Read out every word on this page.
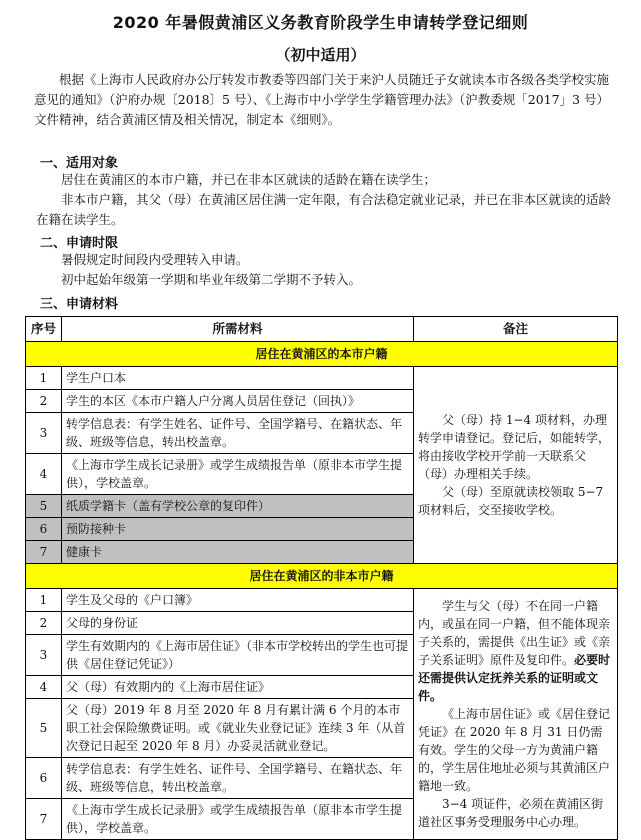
2020 年暑假黄浦区义务教育阶段学生申请转学登记细则
（初中适用）
根据《上海市人民政府办公厅转发市教委等四部门关于来沪人员随迁子女就读本市各级各类学校实施意见的通知》（沪府办规〔2018〕5 号）、《上海市中小学学生学籍管理办法》（沪教委规「2017」3 号）文件精神，结合黄浦区情及相关情况，制定本《细则》。
一、适用对象
居住在黄浦区的本市户籍，并已在非本区就读的适龄在籍在读学生；
非本市户籍，其父（母）在黄浦区居住满一定年限，有合法稳定就业记录，并已在非本区就读的适龄在籍在读学生。
二、申请时限
暑假规定时间段内受理转入申请。
初中起始年级第一学期和毕业年级第二学期不予转入。
三、申请材料
序号	所需材料	备注
居住在黄浦区的本市户籍		
1	学生户口本	父（母）持 1−4 项材料，办理转学申请登记。登记后，如能转学，将由接收学校开学前一天联系父（母）办理相关手续。

父（母）至原就读校领取 5−7 项材料后，交至接收学校。

2	学生的本区《本市户籍人户分离人员居住登记（回执）》	
3	转学信息表：有学生姓名、证件号、全国学籍号、在籍状态、年级、班级等信息，转出校盖章。	
4	《上海市学生成长记录册》或学生成绩报告单（原非本市学生提供），学校盖章。	
5	纸质学籍卡（盖有学校公章的复印件）	
6	预防接种卡	
7	健康卡	
居住在黄浦区的非本市户籍		
1	学生及父母的《户口簿》	学生与父（母）不在同一户籍内，或虽在同一户籍，但不能体现亲子关系的，需提供《出生证》或《亲子关系证明》原件及复印件。必要时还需提供认定抚养关系的证明或文件。

《上海市居住证》或《居住登记凭证》在 2020 年 8 月 31 日仍需有效。学生的父母一方为黄浦户籍的，学生居住地址必须与其黄浦区户籍地一致。

3−4 项证件，必须在黄浦区街道社区事务受理服务中心办理。

2	父母的身份证	
3	学生有效期内的《上海市居住证》（非本市学校转出的学生也可提供《居住登记凭证》）	
4	父（母）有效期内的《上海市居住证》	
5	父（母）2019 年 8 月至 2020 年 8 月有累计满 6 个月的本市职工社会保险缴费证明。或《就业失业登记证》连续 3 年（从首次登记日起至 2020 年 8 月）办妥灵活就业登记。	
6	转学信息表：有学生姓名、证件号、全国学籍号、在籍状态、年级、班级等信息，转出校盖章。	
7	《上海市学生成长记录册》或学生成绩报告单（原非本市学生提供），学校盖章。	
